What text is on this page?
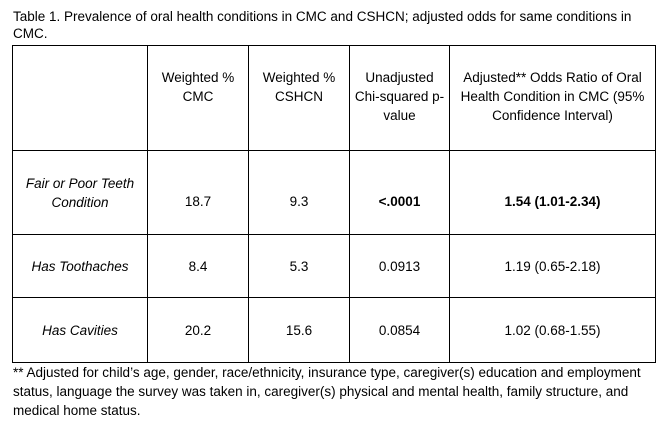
Table 1. Prevalence of oral health conditions in CMC and CSHCN; adjusted odds for same conditions in CMC.
	Weighted % CMC	Weighted % CSHCN	Unadjusted Chi-squared p-value	Adjusted** Odds Ratio of Oral Health Condition in CMC (95% Confidence Interval)
Fair or Poor Teeth Condition	18.7	9.3	<.0001	1.54 (1.01-2.34)
Has Toothaches	8.4	5.3	0.0913	1.19 (0.65-2.18)
Has Cavities	20.2	15.6	0.0854	1.02 (0.68-1.55)
** Adjusted for child’s age, gender, race/ethnicity, insurance type, caregiver(s) education and employment status, language the survey was taken in, caregiver(s) physical and mental health, family structure, and medical home status.
